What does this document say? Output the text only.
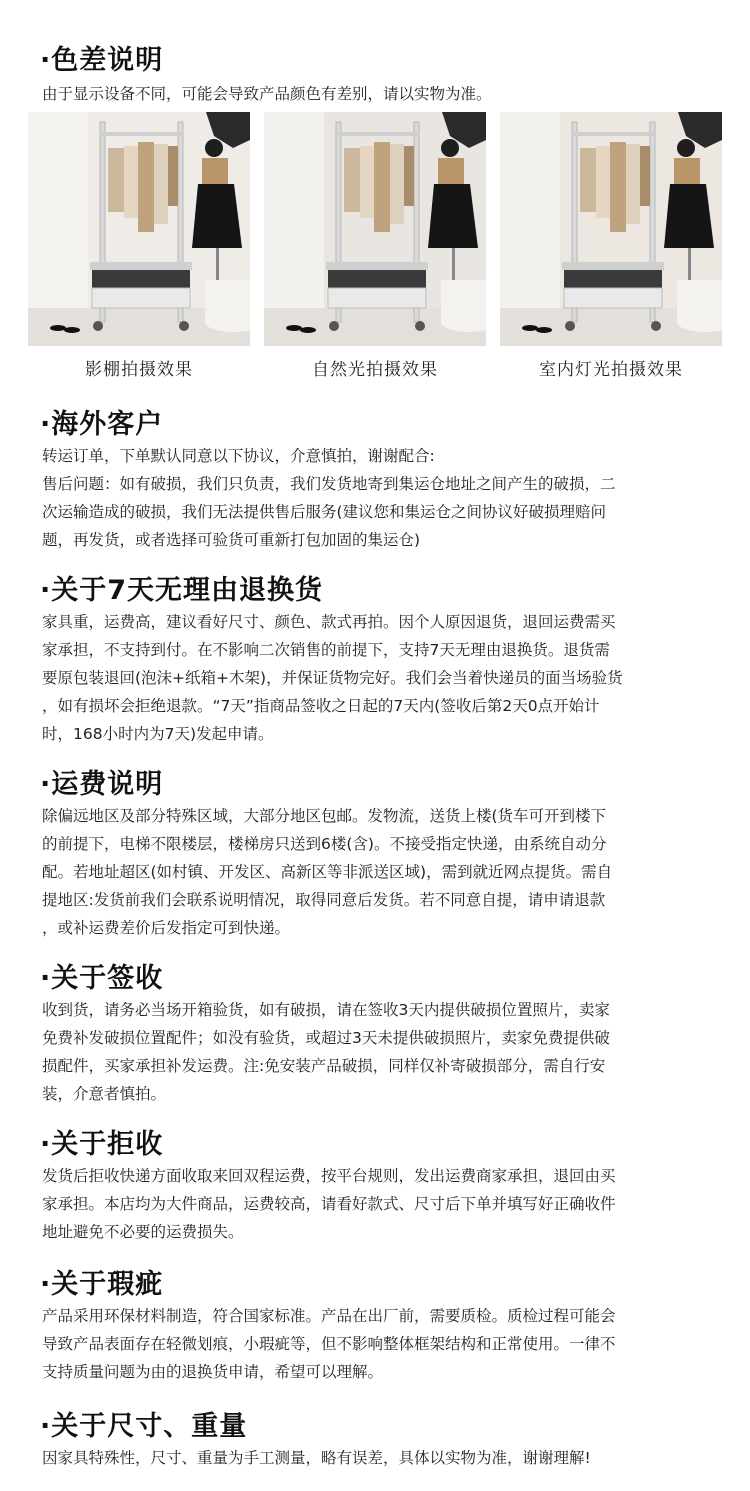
·色差说明

由于显示设备不同，可能会导致产品颜色有差别，请以实物为准。

影棚拍摄效果	自然光拍摄效果	室内灯光拍摄效果
·海外客户

转运订单，下单默认同意以下协议，介意慎拍，谢谢配合:
售后问题：如有破损，我们只负责，我们发货地寄到集运仓地址之间产生的破损，二
次运输造成的破损，我们无法提供售后服务(建议您和集运仓之间协议好破损理赔问
题，再发货，或者选择可验货可重新打包加固的集运仓)

·关于7天无理由退换货

家具重，运费高，建议看好尺寸、颜色、款式再拍。因个人原因退货，退回运费需买
家承担，不支持到付。在不影响二次销售的前提下，支持7天无理由退换货。退货需
要原包装退回(泡沫+纸箱+木架)，并保证货物完好。我们会当着快递员的面当场验货
，如有损坏会拒绝退款。“7天”指商品签收之日起的7天内(签收后第2天0点开始计
时，168小时内为7天)发起申请。

·运费说明

除偏远地区及部分特殊区域，大部分地区包邮。发物流，送货上楼(货车可开到楼下
的前提下，电梯不限楼层，楼梯房只送到6楼(含)。不接受指定快递，由系统自动分
配。若地址超区(如村镇、开发区、高新区等非派送区域)，需到就近网点提货。需自
提地区:发货前我们会联系说明情况，取得同意后发货。若不同意自提，请申请退款
，或补运费差价后发指定可到快递。

·关于签收

收到货，请务必当场开箱验货，如有破损，请在签收3天内提供破损位置照片，卖家
免费补发破损位置配件；如没有验货，或超过3天未提供破损照片，卖家免费提供破
损配件，买家承担补发运费。注:免安装产品破损，同样仅补寄破损部分，需自行安
装，介意者慎拍。

·关于拒收

发货后拒收快递方面收取来回双程运费，按平台规则，发出运费商家承担，退回由买
家承担。本店均为大件商品，运费较高，请看好款式、尺寸后下单并填写好正确收件
地址避免不必要的运费损失。

·关于瑕疵

产品采用环保材料制造，符合国家标准。产品在出厂前，需要质检。质检过程可能会
导致产品表面存在轻微划痕，小瑕疵等，但不影响整体框架结构和正常使用。一律不
支持质量问题为由的退换货申请，希望可以理解。

·关于尺寸、重量

因家具特殊性，尺寸、重量为手工测量，略有误差，具体以实物为准，谢谢理解!
